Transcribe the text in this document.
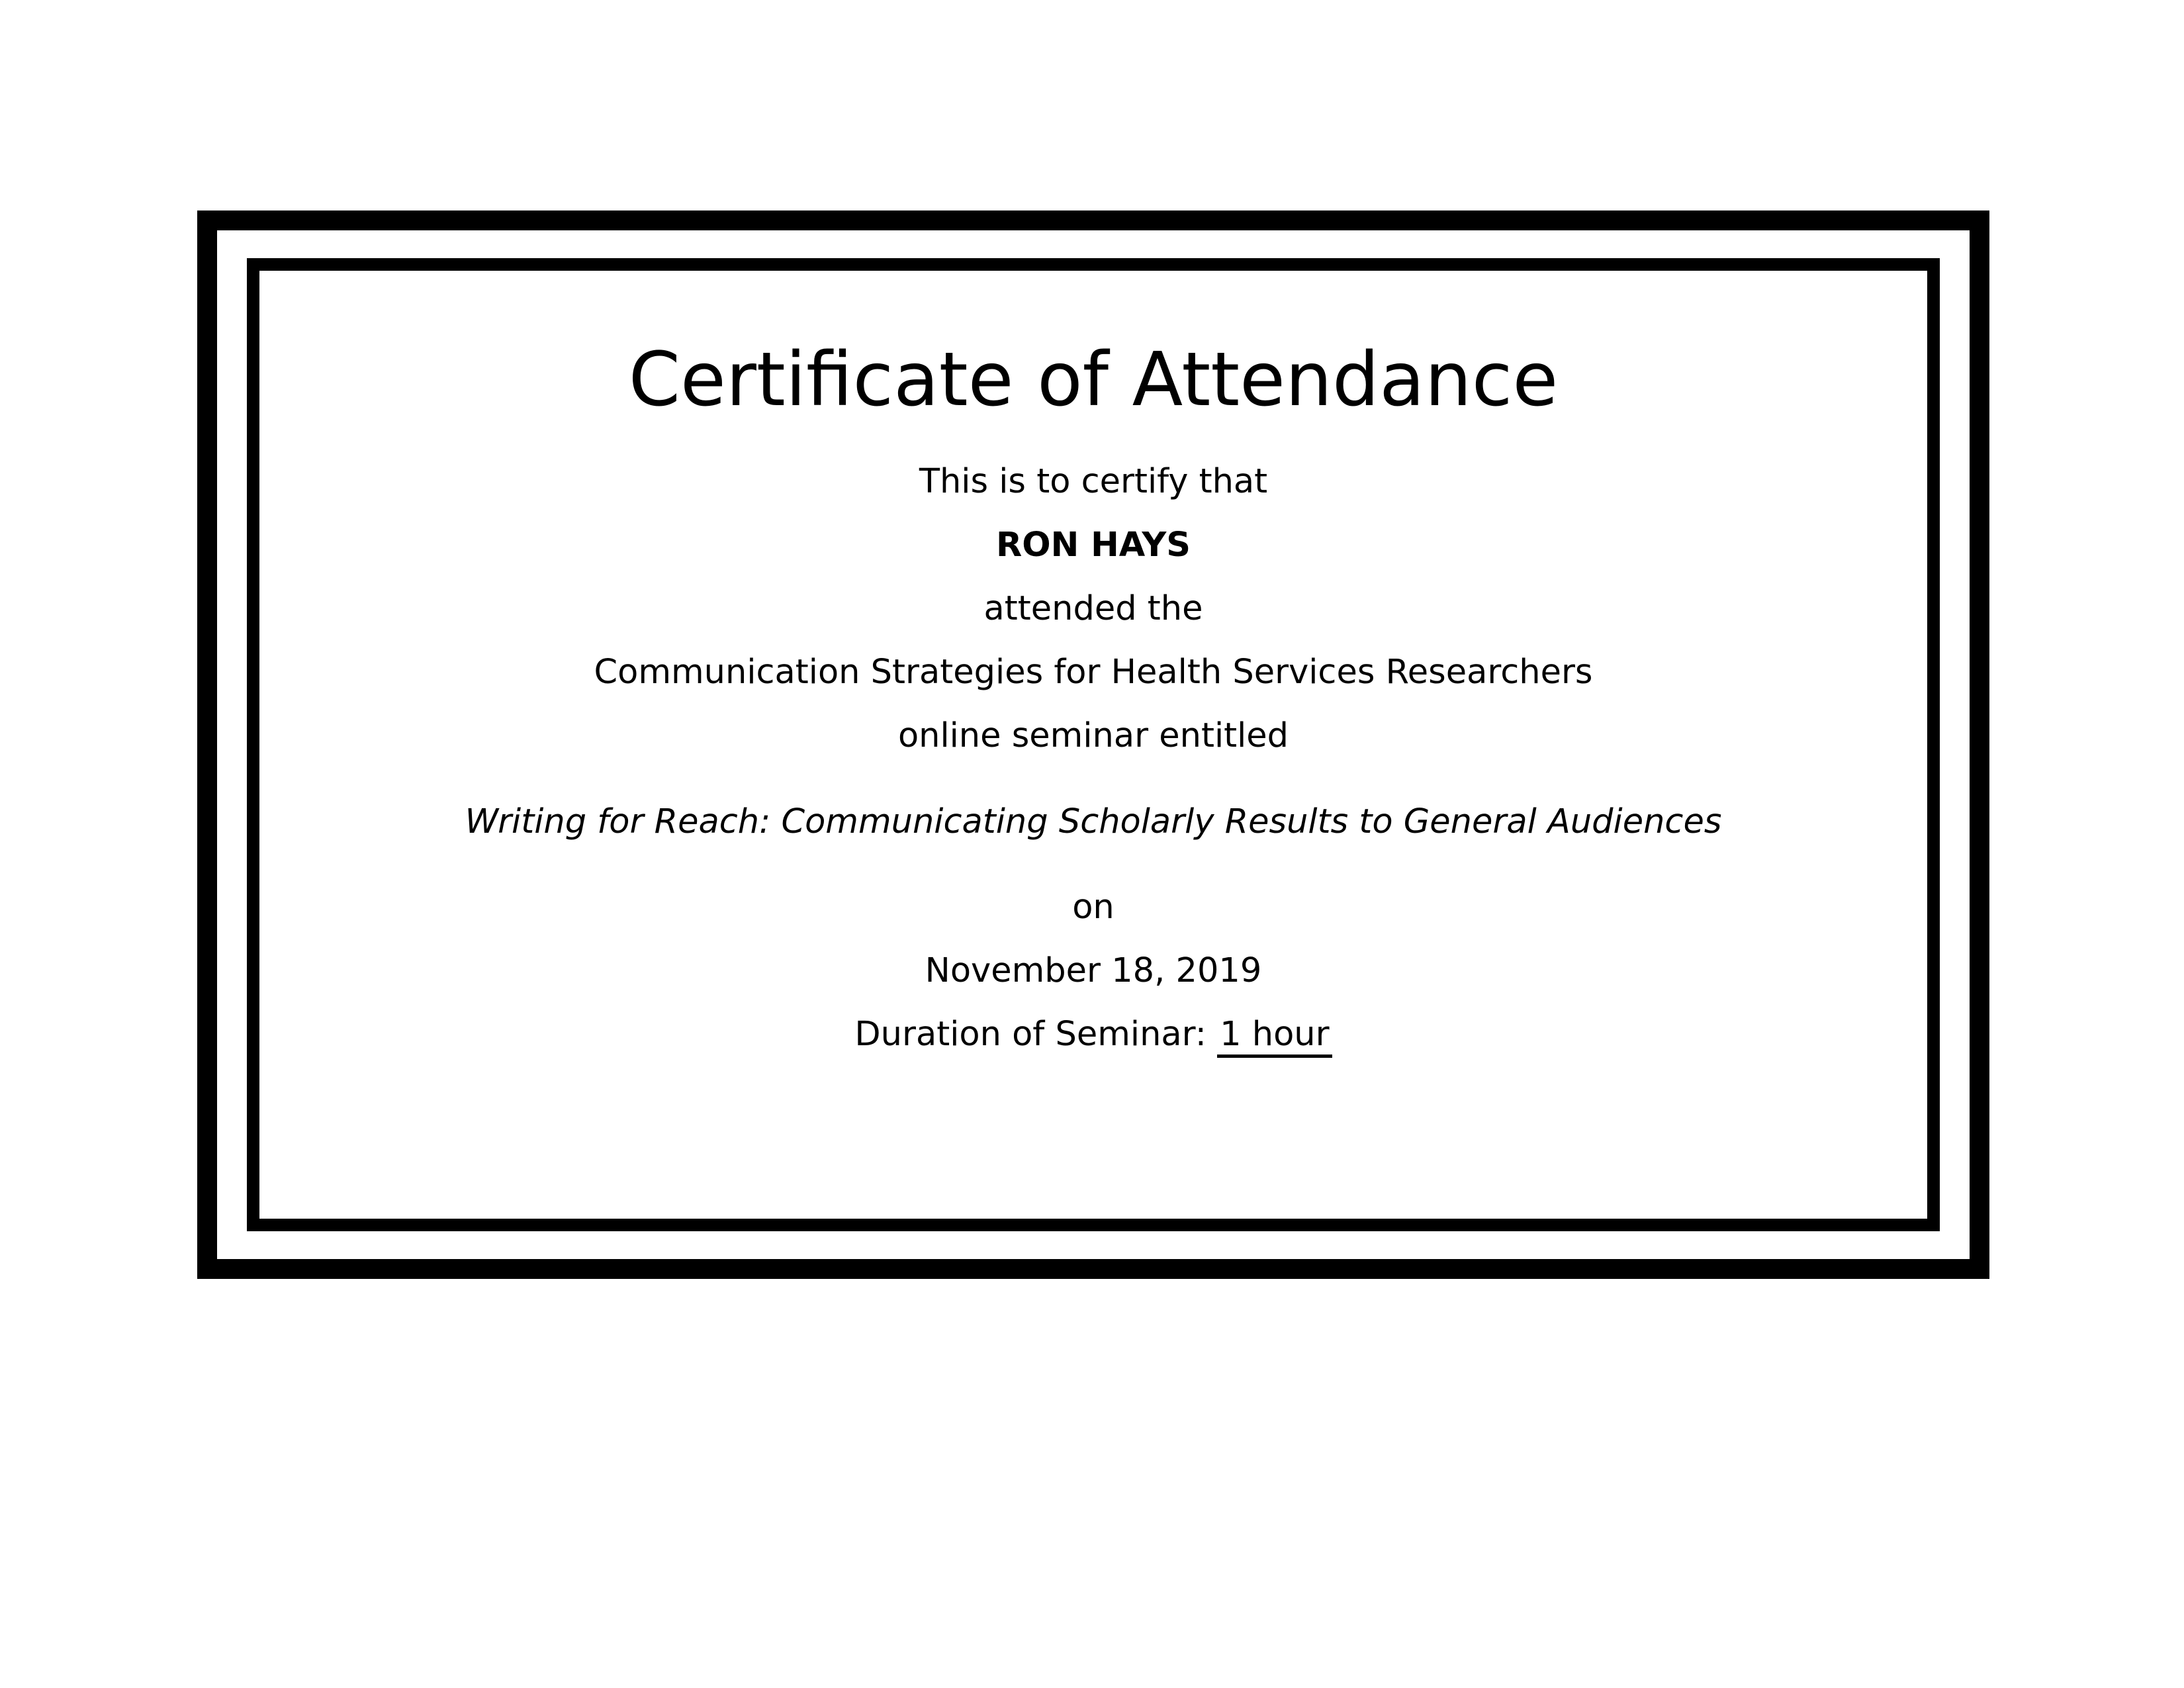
Certificate of Attendance
This is to certify that
RON HAYS
attended the
Communication Strategies for Health Services Researchers
online seminar entitled
Writing for Reach: Communicating Scholarly Results to General Audiences
on
November 18, 2019
Duration of Seminar: 1 hour
